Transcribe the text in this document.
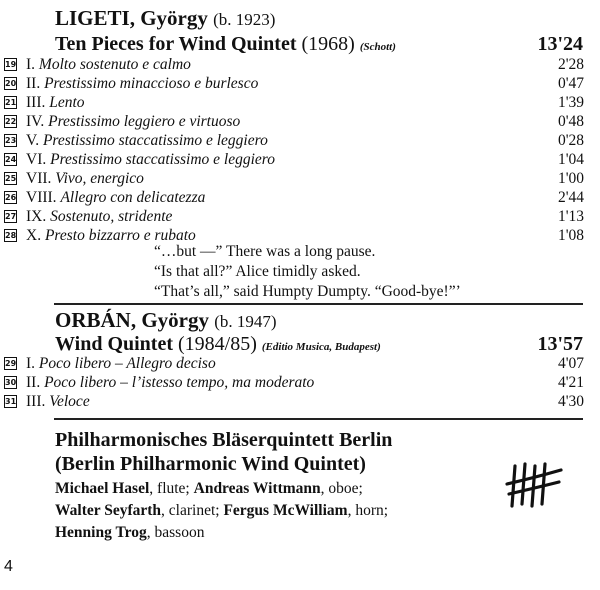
LIGETI, György (b. 1923)
Ten Pieces for Wind Quintet (1968) (Schott)	13'24
19 I. Molto sostenuto e calmo	2'28
20 II. Prestissimo minaccioso e burlesco	0'47
21 III. Lento	1'39
22 IV. Prestissimo leggiero e virtuoso	0'48
23 V. Prestissimo staccatissimo e leggiero	0'28
24 VI. Prestissimo staccatissimo e leggiero	1'04
25 VII. Vivo, energico	1'00
26 VIII. Allegro con delicatezza	2'44
27 IX. Sostenuto, stridente	1'13
28 X. Presto bizzarro e rubato	1'08
“…but —” There was a long pause.
“Is that all?” Alice timidly asked.
“That’s all,” said Humpty Dumpty. “Good-bye!”’
ORBÁN, György (b. 1947)
Wind Quintet (1984/85) (Editio Musica, Budapest)	13'57
29 I. Poco libero – Allegro deciso	4'07
30 II. Poco libero – l’istesso tempo, ma moderato	4'21
31 III. Veloce	4'30
Philharmonisches Bläserquintett Berlin
(Berlin Philharmonic Wind Quintet)
Michael Hasel, flute; Andreas Wittmann, oboe;
Walter Seyfarth, clarinet; Fergus McWilliam, horn;
Henning Trog, bassoon
4
